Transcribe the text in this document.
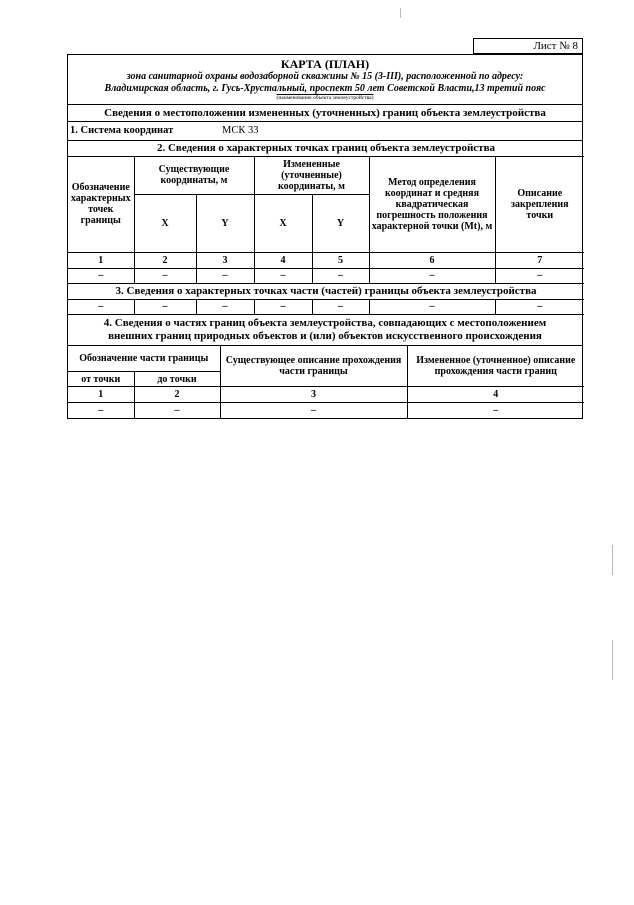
Лист № 8
КАРТА (ПЛАН)
зона санитарной охраны водозаборной скважины № 15 (3-III), расположенной по адресу:
Владимирская область, г. Гусь-Хрустальный, проспект 50 лет Советской Власти,13 третий пояс
(наименование объекта землеустройства)
Сведения о местоположении измененных (уточненных) границ объекта землеустройства
1. Система координат	МСК 33
2. Сведения о характерных точках границ объекта землеустройства						
Обозначение характерных точек границы	Существующие координаты, м		Измененные (уточненные) координаты, м		Метод определения координат и средняя квадратическая погрешность положения характерной точки (Mt), м	Описание закрепления точки
	X	Y	X	Y		
1	2	3	4	5	6	7
–	–	–	–	–	–	–
3. Сведения о характерных точках части (частей) границы объекта землеустройства						
–	–	–	–	–	–	–
4. Сведения о частях границ объекта землеустройства, совпадающих с местоположением
внешних границ природных объектов и (или) объектов искусственного происхождения
Обозначение части границы		Существующее описание прохождения части границы	Измененное (уточненное) описание прохождения части границ
от точки	до точки		
1	2	3	4
–	–	–	–
